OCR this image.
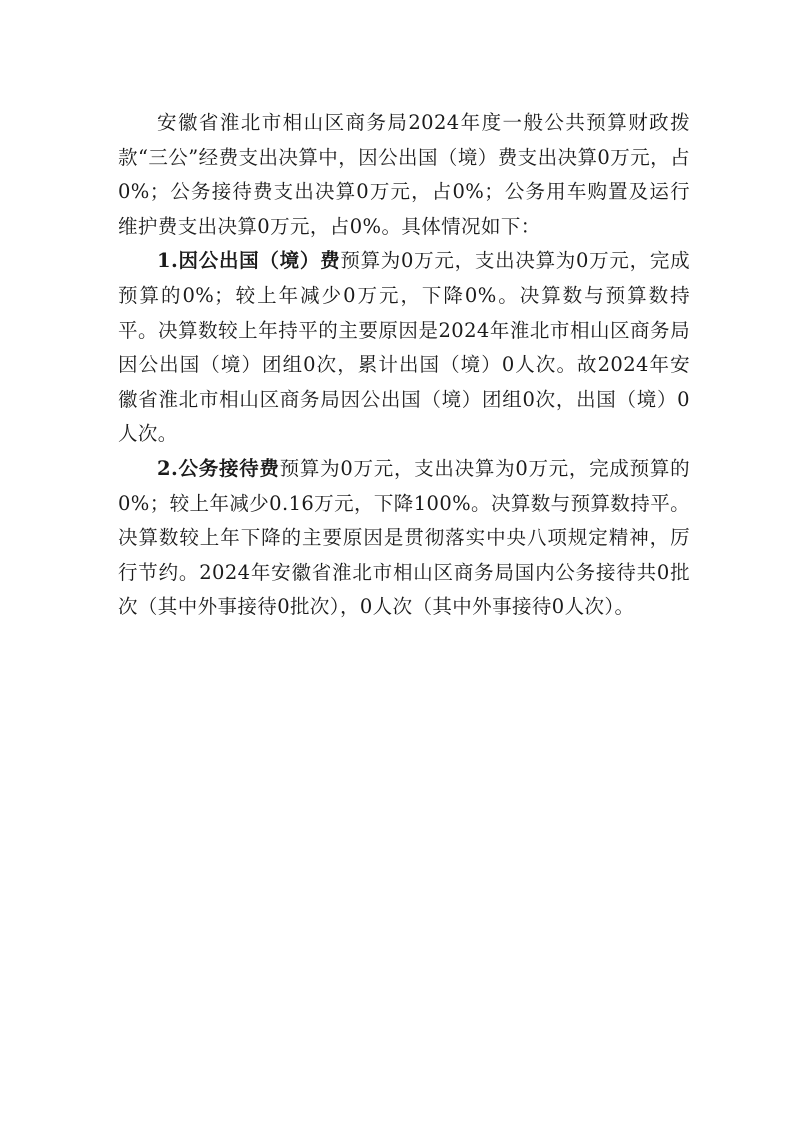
安徽省淮北市相山区商务局2024年度一般公共预算财政拨款“三公”经费支出决算中，因公出国（境）费支出决算0万元，占0%；公务接待费支出决算0万元，占0%；公务用车购置及运行维护费支出决算0万元，占0%。具体情况如下：

1.因公出国（境）费预算为0万元，支出决算为0万元，完成预算的0%；较上年减少0万元，下降0%。决算数与预算数持平。决算数较上年持平的主要原因是2024年淮北市相山区商务局因公出国（境）团组0次，累计出国（境）0人次。故2024年安徽省淮北市相山区商务局因公出国（境）团组0次，出国（境）0人次。

2.公务接待费预算为0万元，支出决算为0万元，完成预算的0%；较上年减少0.16万元，下降100%。决算数与预算数持平。决算数较上年下降的主要原因是贯彻落实中央八项规定精神，厉行节约。2024年安徽省淮北市相山区商务局国内公务接待共0批次（其中外事接待0批次），0人次（其中外事接待0人次）。
